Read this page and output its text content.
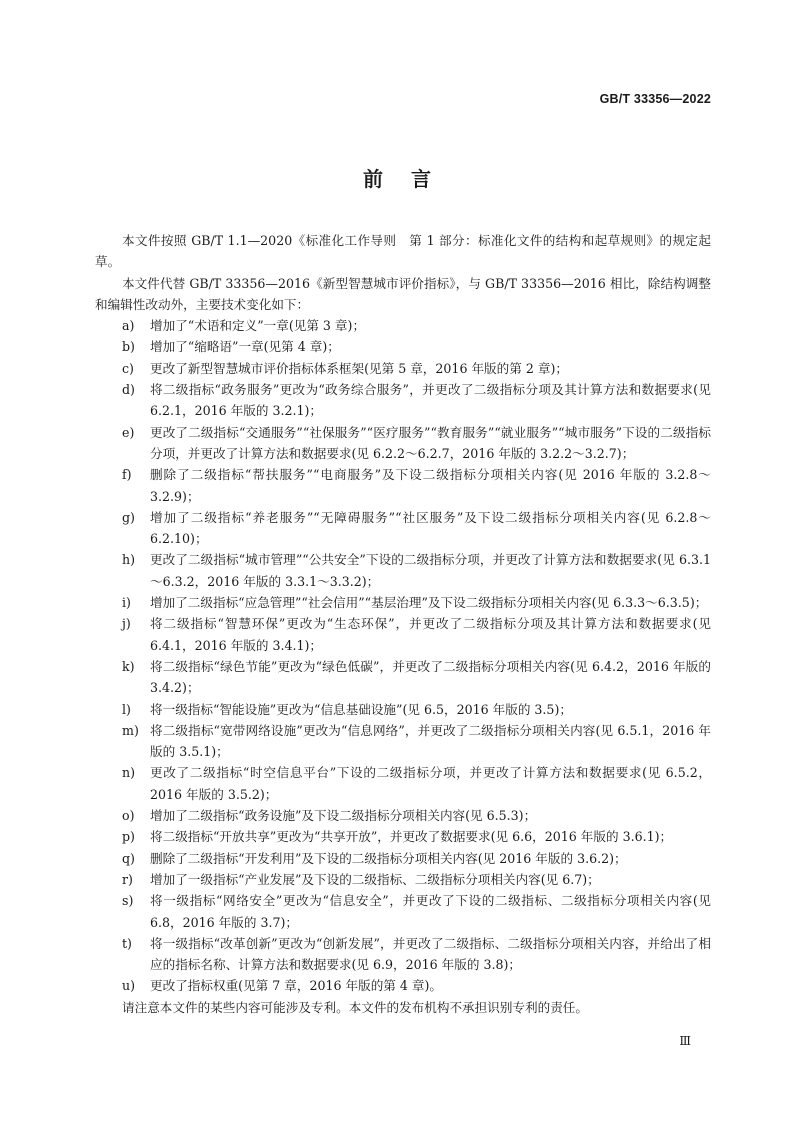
GB/T 33356—2022
前言
本文件按照 GB/T 1.1—2020《标准化工作导则　第 1 部分：标准化文件的结构和起草规则》的规定起草。
本文件代替 GB/T 33356—2016《新型智慧城市评价指标》，与 GB/T 33356—2016 相比，除结构调整和编辑性改动外，主要技术变化如下：
a)	增加了“术语和定义”一章(见第 3 章)；
b)	增加了“缩略语”一章(见第 4 章)；
c)	更改了新型智慧城市评价指标体系框架(见第 5 章，2016 年版的第 2 章)；
d)	将二级指标“政务服务”更改为“政务综合服务”，并更改了二级指标分项及其计算方法和数据要求(见 6.2.1，2016 年版的 3.2.1)；
e)	更改了二级指标“交通服务”“社保服务”“医疗服务”“教育服务”“就业服务”“城市服务”下设的二级指标分项，并更改了计算方法和数据要求(见 6.2.2～6.2.7，2016 年版的 3.2.2～3.2.7)；
f)	删除了二级指标“帮扶服务”“电商服务”及下设二级指标分项相关内容(见 2016 年版的 3.2.8～3.2.9)；
g)	增加了二级指标“养老服务”“无障碍服务”“社区服务”及下设二级指标分项相关内容(见 6.2.8～6.2.10)；
h)	更改了二级指标“城市管理”“公共安全”下设的二级指标分项，并更改了计算方法和数据要求(见 6.3.1～6.3.2，2016 年版的 3.3.1～3.3.2)；
i)	增加了二级指标“应急管理”“社会信用”“基层治理”及下设二级指标分项相关内容(见 6.3.3～6.3.5)；
j)	将二级指标“智慧环保”更改为“生态环保”，并更改了二级指标分项及其计算方法和数据要求(见 6.4.1，2016 年版的 3.4.1)；
k)	将二级指标“绿色节能”更改为“绿色低碳”，并更改了二级指标分项相关内容(见 6.4.2，2016 年版的 3.4.2)；
l)	将一级指标“智能设施”更改为“信息基础设施”(见 6.5，2016 年版的 3.5)；
m) 将二级指标“宽带网络设施”更改为“信息网络”，并更改了二级指标分项相关内容(见 6.5.1，2016 年版的 3.5.1)；
n)	更改了二级指标“时空信息平台”下设的二级指标分项，并更改了计算方法和数据要求(见 6.5.2，2016 年版的 3.5.2)；
o)	增加了二级指标“政务设施”及下设二级指标分项相关内容(见 6.5.3)；
p)	将二级指标“开放共享”更改为“共享开放”，并更改了数据要求(见 6.6，2016 年版的 3.6.1)；
q)	删除了二级指标“开发利用”及下设的二级指标分项相关内容(见 2016 年版的 3.6.2)；
r)	增加了一级指标“产业发展”及下设的二级指标、二级指标分项相关内容(见 6.7)；
s)	将一级指标“网络安全”更改为“信息安全”，并更改了下设的二级指标、二级指标分项相关内容(见 6.8，2016 年版的 3.7)；
t)	将一级指标“改革创新”更改为“创新发展”，并更改了二级指标、二级指标分项相关内容，并给出了相应的指标名称、计算方法和数据要求(见 6.9，2016 年版的 3.8)；
u)	更改了指标权重(见第 7 章，2016 年版的第 4 章)。
请注意本文件的某些内容可能涉及专利。本文件的发布机构不承担识别专利的责任。
Ⅲ
